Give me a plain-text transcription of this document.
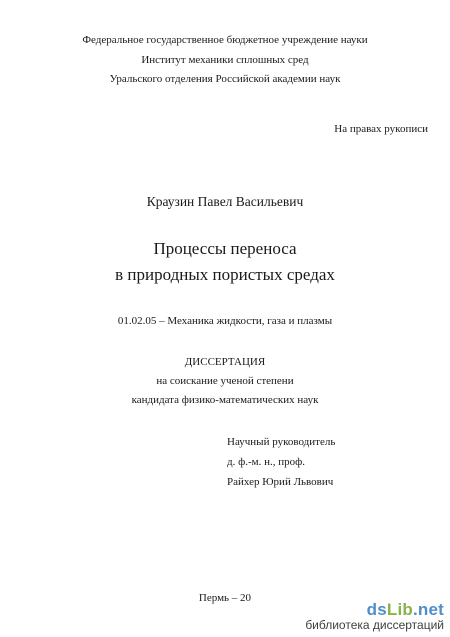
Федеральное государственное бюджетное учреждение науки
Институт механики сплошных сред
Уральского отделения Российской академии наук
На правах рукописи
Краузин Павел Васильевич
Процессы переноса
в природных пористых средах
01.02.05 – Механика жидкости, газа и плазмы
ДИССЕРТАЦИЯ
на соискание ученой степени
кандидата физико-математических наук
Научный руководитель
д. ф.-м. н., проф.
Райхер Юрий Львович
Пермь – 20
dsLib.net
библиотека диссертаций
